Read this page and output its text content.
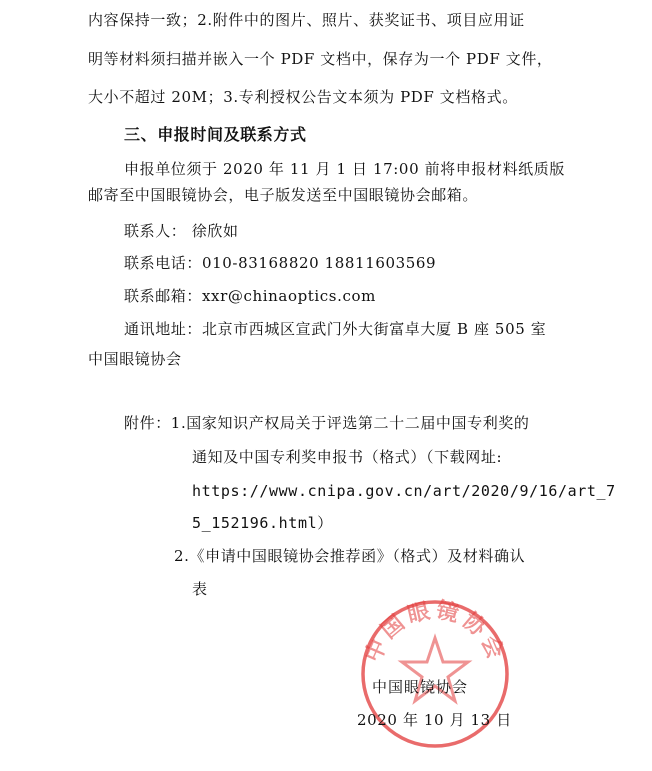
内容保持一致；2.附件中的图片、照片、获奖证书、项目应用证
明等材料须扫描并嵌入一个 PDF 文档中，保存为一个 PDF 文件，
大小不超过 20M；3.专利授权公告文本须为 PDF 文档格式。
三、申报时间及联系方式
申报单位须于 2020 年 11 月 1 日 17:00 前将申报材料纸质版
邮寄至中国眼镜协会，电子版发送至中国眼镜协会邮箱。
联系人： 徐欣如
联系电话：010-83168820 18811603569
联系邮箱：xxr@chinaoptics.com
通讯地址：北京市西城区宣武门外大街富卓大厦 B 座 505 室
中国眼镜协会
附件：1.国家知识产权局关于评选第二十二届中国专利奖的
通知及中国专利奖申报书（格式）（下载网址:
https://www.cnipa.gov.cn/art/2020/9/16/art_7
5_152196.html）
2.《申请中国眼镜协会推荐函》（格式）及材料确认
表
中国眼镜协会
中国眼镜协会
2020 年 10 月 13 日
